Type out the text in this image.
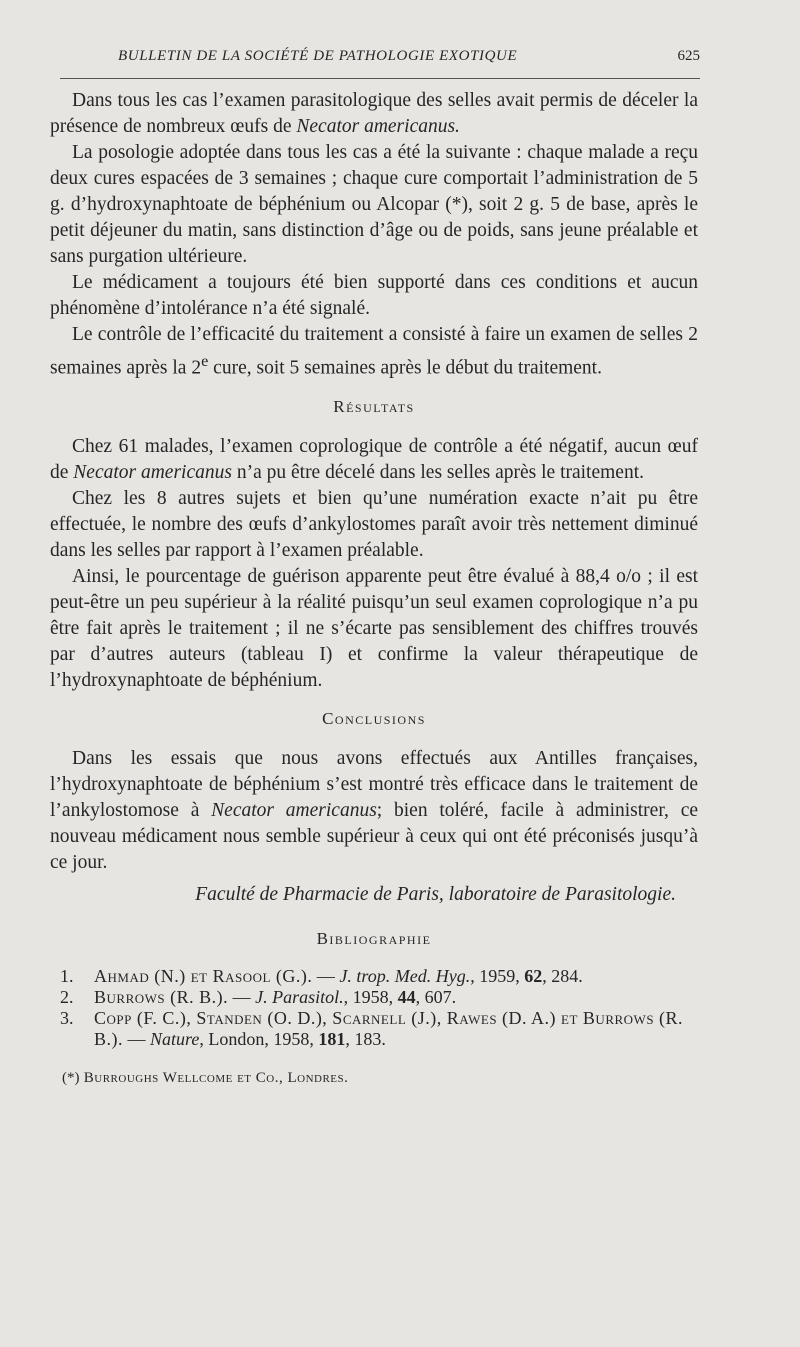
BULLETIN DE LA SOCIÉTÉ DE PATHOLOGIE EXOTIQUE	625

Dans tous les cas l’examen parasitologique des selles avait permis de déceler la présence de nombreux œufs de Necator americanus.

La posologie adoptée dans tous les cas a été la suivante : chaque malade a reçu deux cures espacées de 3 semaines ; chaque cure comportait l’administration de 5 g. d’hydroxynaphtoate de béphénium ou Alcopar (*), soit 2 g. 5 de base, après le petit déjeuner du matin, sans distinction d’âge ou de poids, sans jeune préalable et sans purgation ultérieure.

Le médicament a toujours été bien supporté dans ces conditions et aucun phénomène d’intolérance n’a été signalé.

Le contrôle de l’efficacité du traitement a consisté à faire un examen de selles 2 semaines après la 2e cure, soit 5 semaines après le début du traitement.

Résultats

Chez 61 malades, l’examen coprologique de contrôle a été négatif, aucun œuf de Necator americanus n’a pu être décelé dans les selles après le traitement.

Chez les 8 autres sujets et bien qu’une numération exacte n’ait pu être effectuée, le nombre des œufs d’ankylostomes paraît avoir très nettement diminué dans les selles par rapport à l’examen préalable.

Ainsi, le pourcentage de guérison apparente peut être évalué à 88,4 o/o ; il est peut-être un peu supérieur à la réalité puisqu’un seul examen coprologique n’a pu être fait après le traitement ; il ne s’écarte pas sensiblement des chiffres trouvés par d’autres auteurs (tableau I) et confirme la valeur thérapeutique de l’hydroxynaphtoate de béphénium.

Conclusions

Dans les essais que nous avons effectués aux Antilles françaises, l’hydroxynaphtoate de béphénium s’est montré très efficace dans le traitement de l’ankylostomose à Necator americanus; bien toléré, facile à administrer, ce nouveau médicament nous semble supérieur à ceux qui ont été préconisés jusqu’à ce jour.

Faculté de Pharmacie de Paris, laboratoire de Parasitologie.

Bibliographie

1.	Ahmad (N.) et Rasool (G.). — J. trop. Med. Hyg., 1959, 62, 284.
2.	Burrows (R. B.). — J. Parasitol., 1958, 44, 607.
3.	Copp (F. C.), Standen (O. D.), Scarnell (J.), Rawes (D. A.) et Burrows (R. B.). — Nature, London, 1958, 181, 183.
(*) Burroughs Wellcome et Co., Londres.
